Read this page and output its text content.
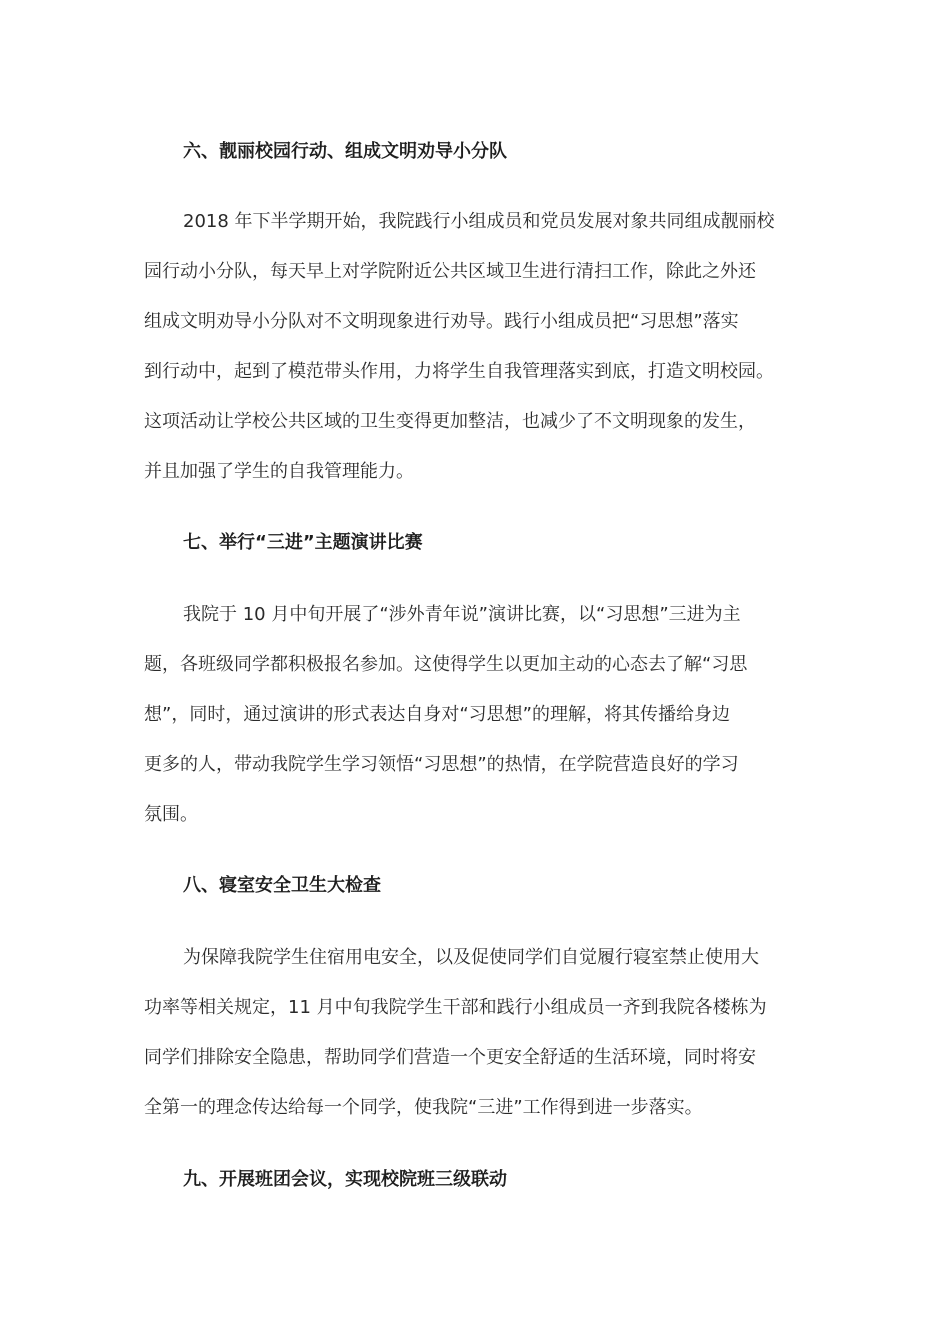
六、靓丽校园行动、组成文明劝导小分队
2018 年下半学期开始，我院践行小组成员和党员发展对象共同组成靓丽校
园行动小分队，每天早上对学院附近公共区域卫生进行清扫工作，除此之外还
组成文明劝导小分队对不文明现象进行劝导。践行小组成员把“习思想”落实
到行动中，起到了模范带头作用，力将学生自我管理落实到底，打造文明校园。
这项活动让学校公共区域的卫生变得更加整洁，也减少了不文明现象的发生，
并且加强了学生的自我管理能力。
七、举行“三进”主题演讲比赛
我院于 10 月中旬开展了“涉外青年说”演讲比赛，以“习思想”三进为主
题，各班级同学都积极报名参加。这使得学生以更加主动的心态去了解“习思
想”，同时，通过演讲的形式表达自身对“习思想”的理解，将其传播给身边
更多的人，带动我院学生学习领悟“习思想”的热情，在学院营造良好的学习
氛围。
八、寝室安全卫生大检查
为保障我院学生住宿用电安全，以及促使同学们自觉履行寝室禁止使用大
功率等相关规定，11 月中旬我院学生干部和践行小组成员一齐到我院各楼栋为
同学们排除安全隐患，帮助同学们营造一个更安全舒适的生活环境，同时将安
全第一的理念传达给每一个同学，使我院“三进”工作得到进一步落实。
九、开展班团会议，实现校院班三级联动
